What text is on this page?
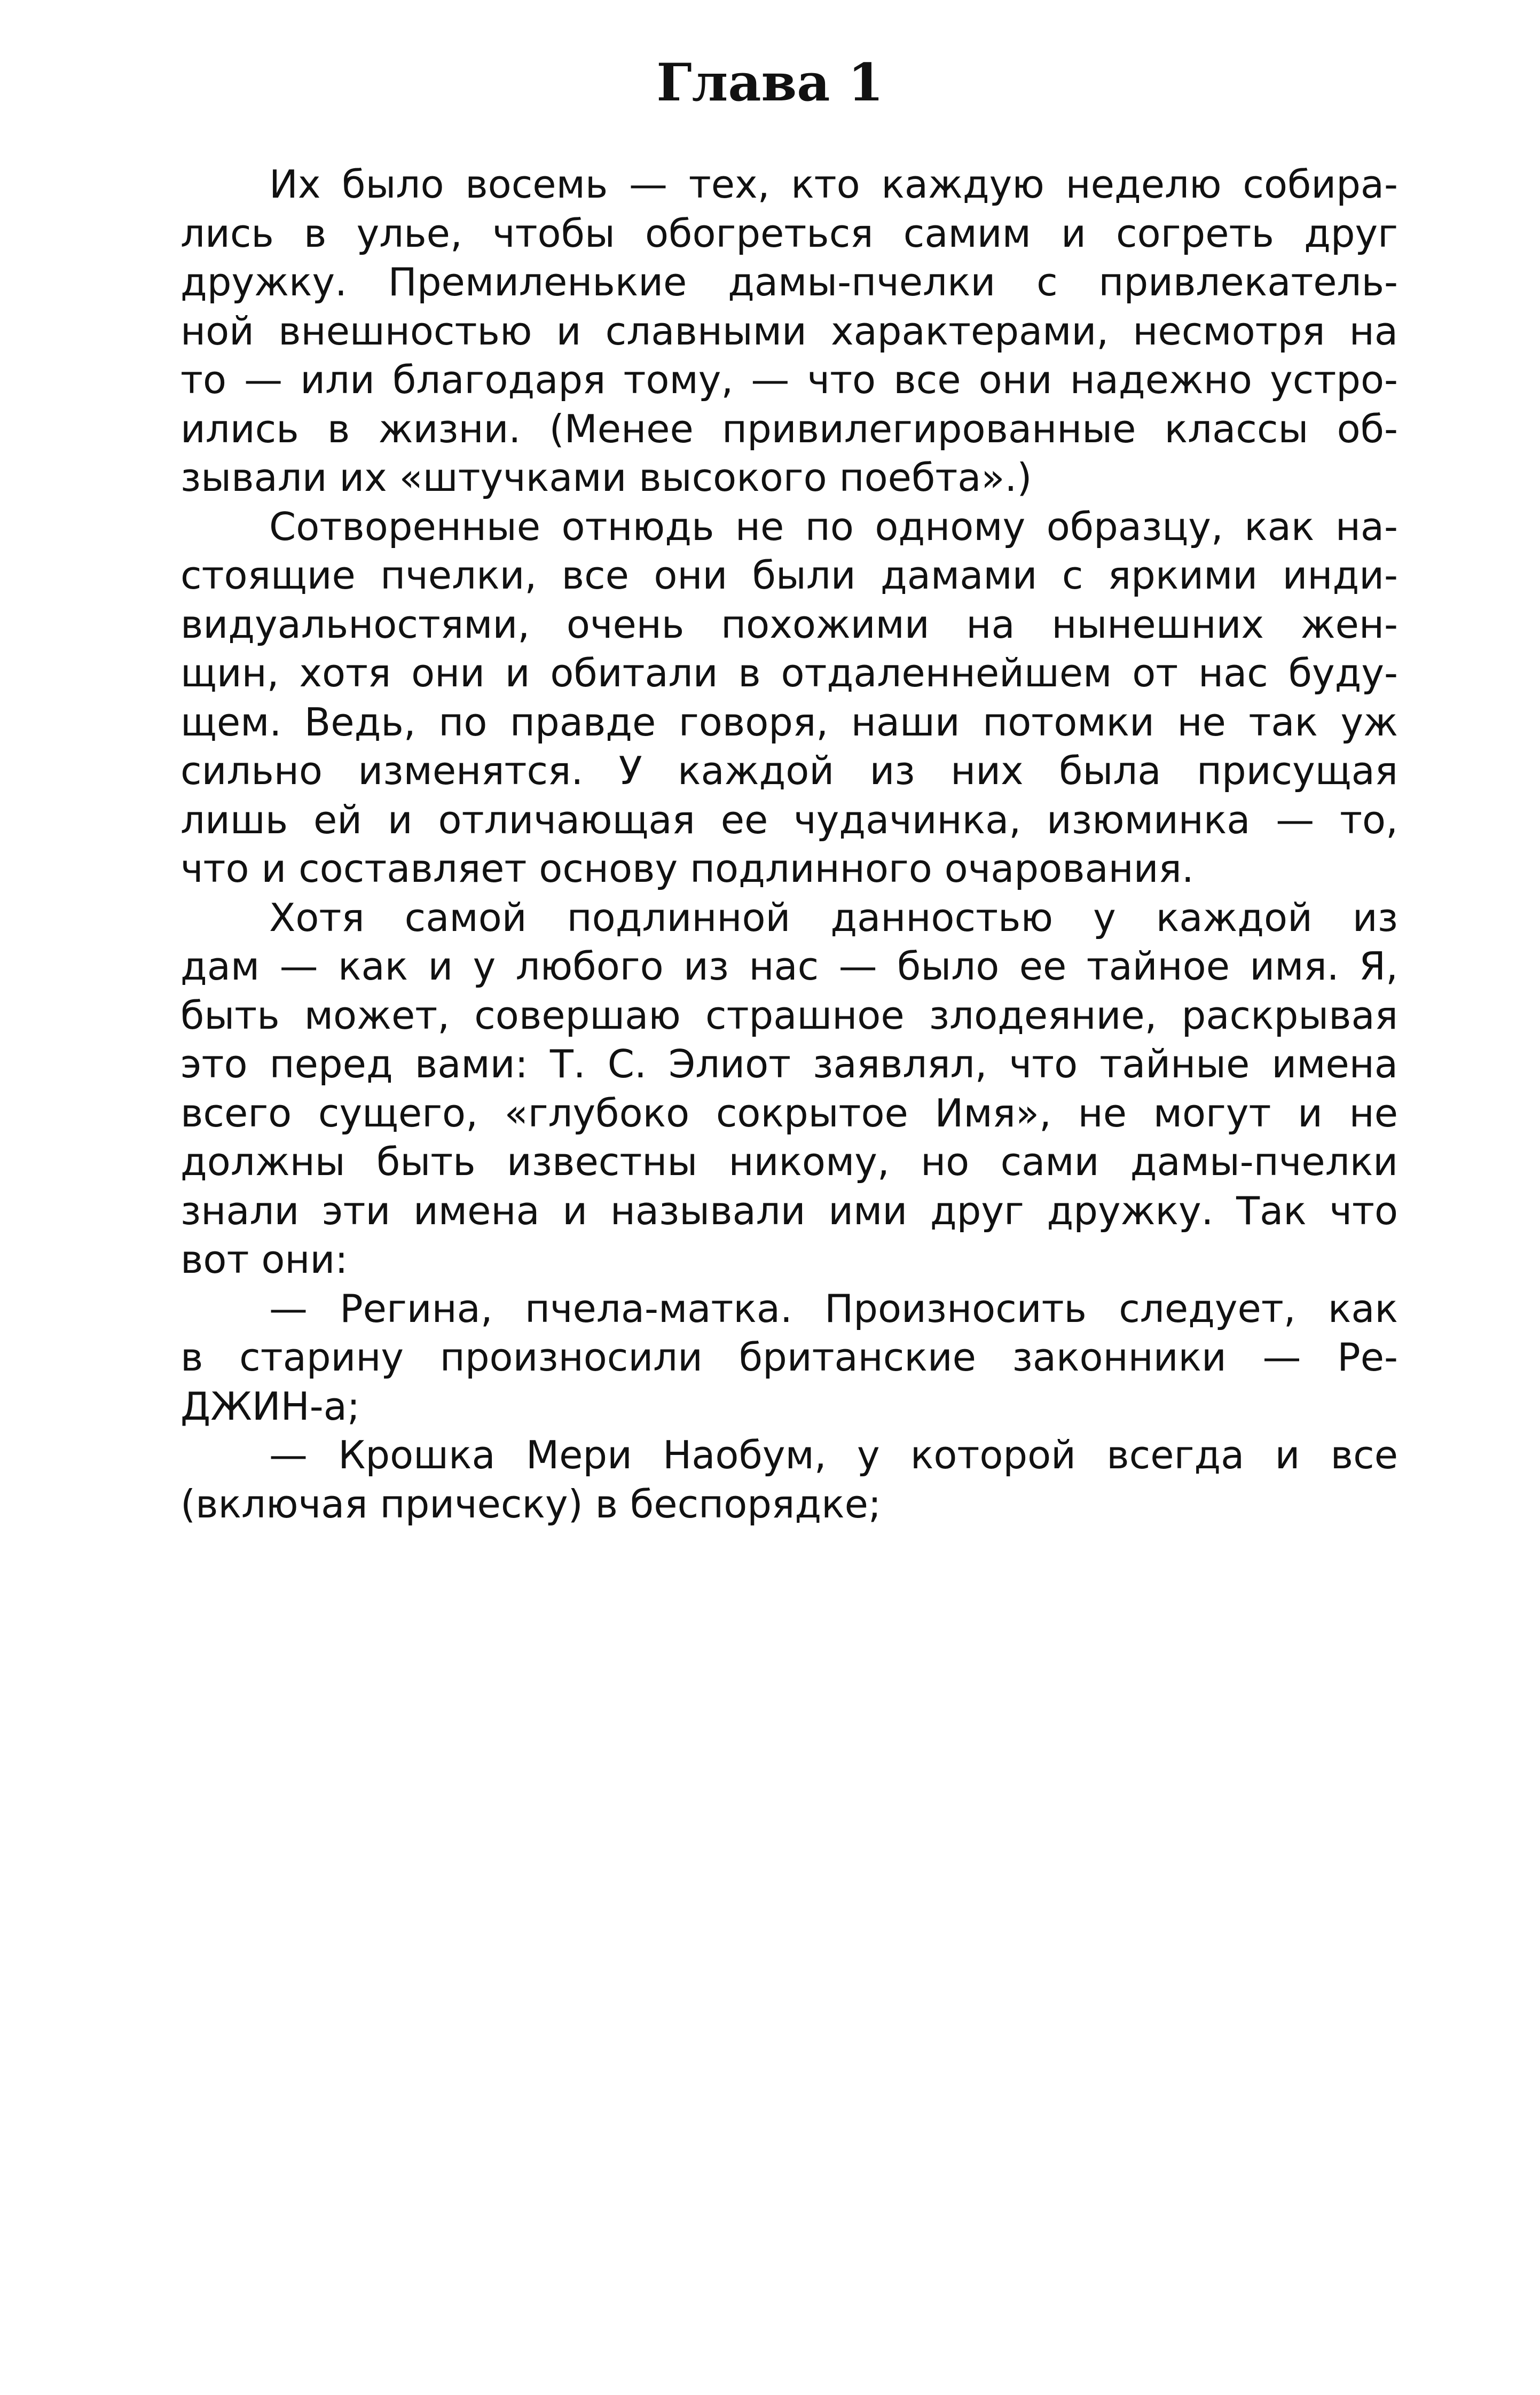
Глава 1
Их было восемь — тех, кто каждую неделю собира-
лись в улье, чтобы обогреться самим и согреть друг
дружку. Премиленькие дамы-пчелки с привлекатель-
ной внешностью и славными характерами, несмотря на
то — или благодаря тому, — что все они надежно устро-
ились в жизни. (Менее привилегированные классы об-
зывали их «штучками высокого поебта».)
Сотворенные отнюдь не по одному образцу, как на-
стоящие пчелки, все они были дамами с яркими инди-
видуальностями, очень похожими на нынешних жен-
щин, хотя они и обитали в отдаленнейшем от нас буду-
щем. Ведь, по правде говоря, наши потомки не так уж
сильно изменятся. У каждой из них была присущая
лишь ей и отличающая ее чудачинка, изюминка — то,
что и составляет основу подлинного очарования.
Хотя самой подлинной данностью у каждой из
дам — как и у любого из нас — было ее тайное имя. Я,
быть может, совершаю страшное злодеяние, раскрывая
это перед вами: Т. С. Элиот заявлял, что тайные имена
всего сущего, «глубоко сокрытое Имя», не могут и не
должны быть известны никому, но сами дамы-пчелки
знали эти имена и называли ими друг дружку. Так что
вот они:
— Регина, пчела-матка. Произносить следует, как
в старину произносили британские законники — Ре-
ДЖИН-а;
— Крошка Мери Наобум, у которой всегда и все
(включая прическу) в беспорядке;
